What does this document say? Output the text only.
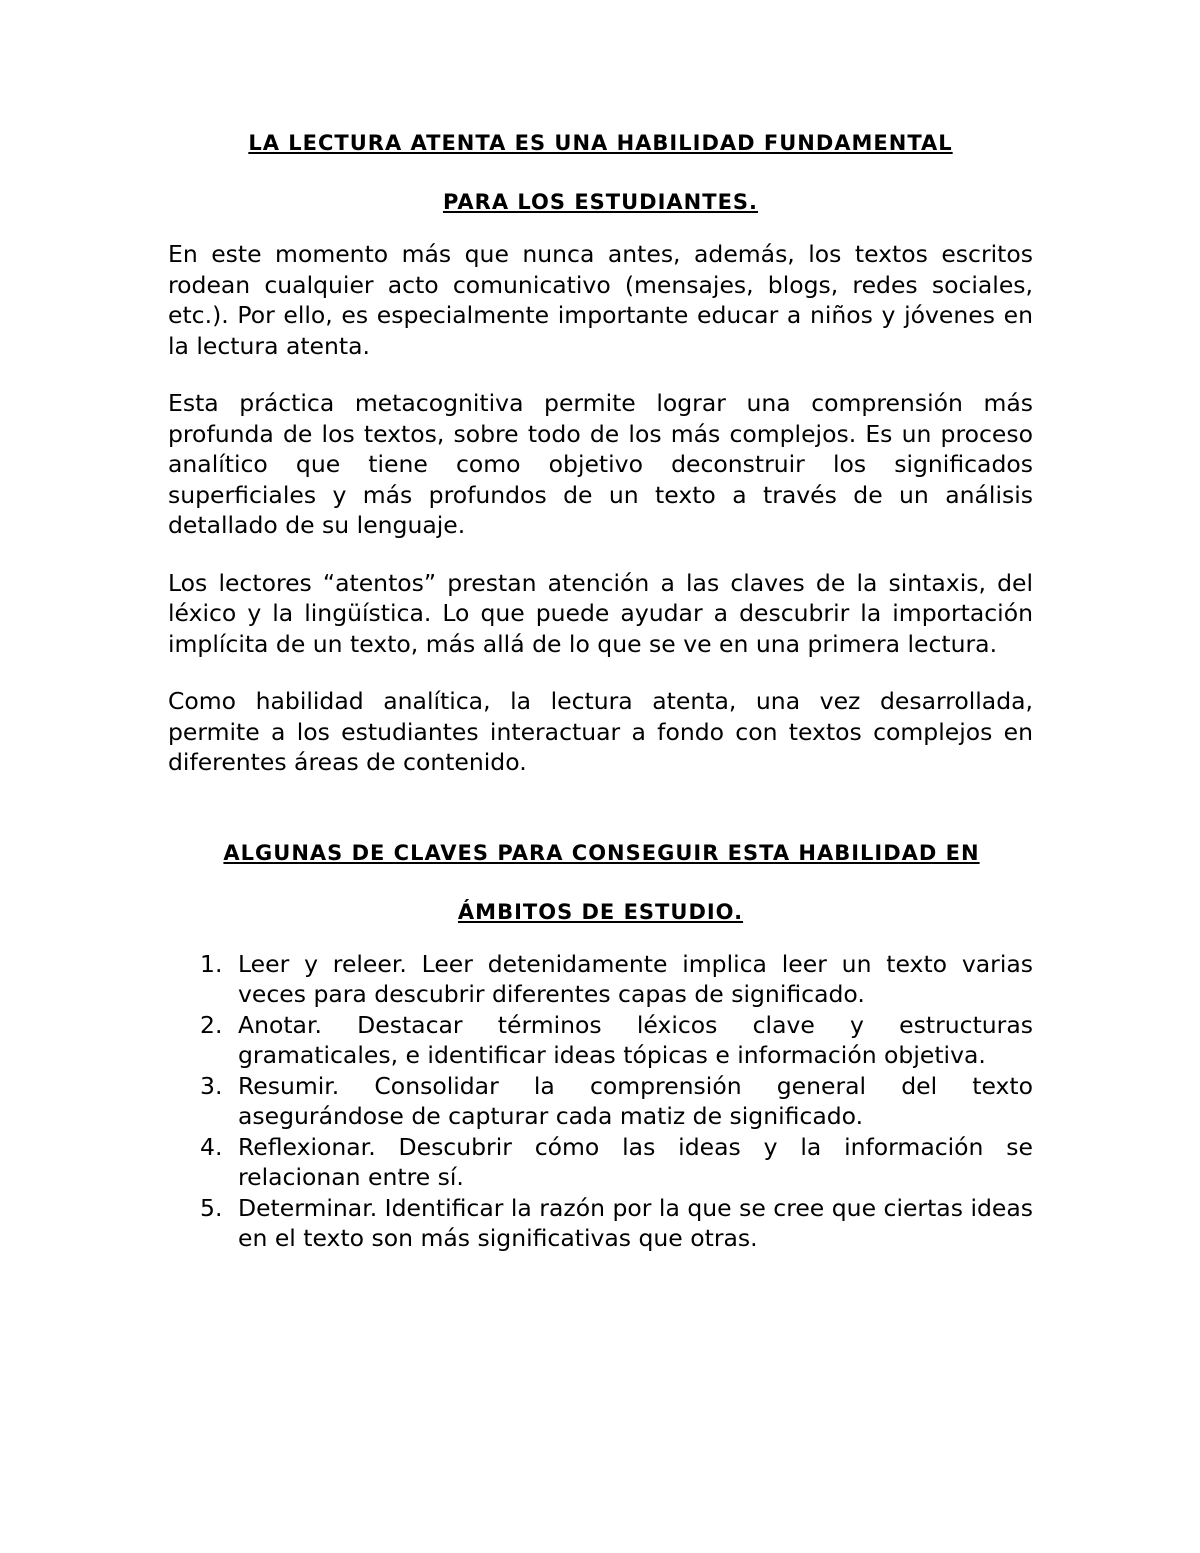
LA LECTURA ATENTA ES UNA HABILIDAD FUNDAMENTAL

PARA LOS ESTUDIANTES.

En este momento más que nunca antes, además, los textos escritos rodean cualquier acto comunicativo (mensajes, blogs, redes sociales, etc.). Por ello, es especialmente importante educar a niños y jóvenes en la lectura atenta.

Esta práctica metacognitiva permite lograr una comprensión más profunda de los textos, sobre todo de los más complejos. Es un proceso analítico que tiene como objetivo deconstruir los significados superficiales y más profundos de un texto a través de un análisis detallado de su lenguaje.

Los lectores “atentos” prestan atención a las claves de la sintaxis, del léxico y la lingüística. Lo que puede ayudar a descubrir la importación implícita de un texto, más allá de lo que se ve en una primera lectura.

Como habilidad analítica, la lectura atenta, una vez desarrollada, permite a los estudiantes interactuar a fondo con textos complejos en diferentes áreas de contenido.

ALGUNAS DE CLAVES PARA CONSEGUIR ESTA HABILIDAD EN

ÁMBITOS DE ESTUDIO.

1. Leer y releer. Leer detenidamente implica leer un texto varias veces para descubrir diferentes capas de significado.
2. Anotar. Destacar términos léxicos clave y estructuras gramaticales, e identificar ideas tópicas e información objetiva.
3. Resumir. Consolidar la comprensión general del texto asegurándose de capturar cada matiz de significado.
4. Reflexionar. Descubrir cómo las ideas y la información se relacionan entre sí.
5. Determinar. Identificar la razón por la que se cree que ciertas ideas en el texto son más significativas que otras.
